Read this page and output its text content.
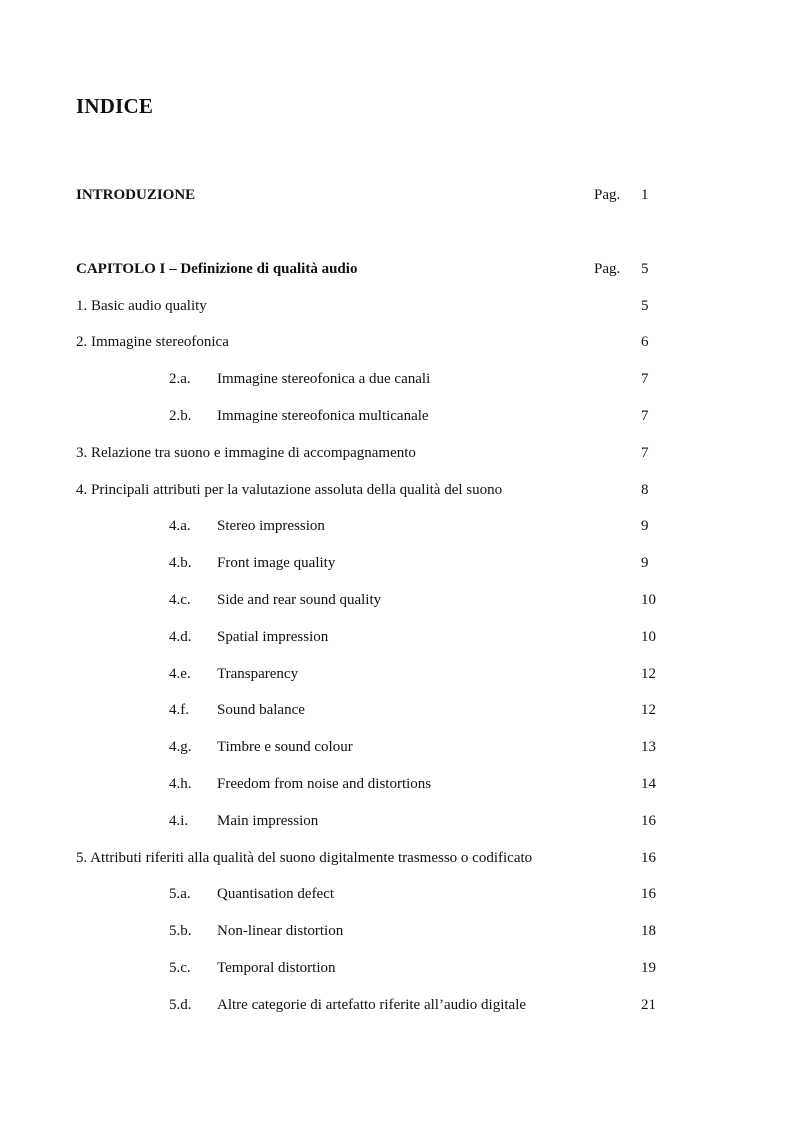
INDICE
INTRODUZIONE	Pag. 1
CAPITOLO I – Definizione di qualità audio	Pag. 5
1. Basic audio quality	5
2. Immagine stereofonica	6
2.a. Immagine stereofonica a due canali	7
2.b. Immagine stereofonica multicanale	7
3. Relazione tra suono e immagine di accompagnamento	7
4. Principali attributi per la valutazione assoluta della qualità del suono	8
4.a. Stereo impression	9
4.b. Front image quality	9
4.c. Side and rear sound quality	10
4.d. Spatial impression	10
4.e. Transparency	12
4.f. Sound balance	12
4.g. Timbre e sound colour	13
4.h. Freedom from noise and distortions	14
4.i. Main impression	16
5. Attributi riferiti alla qualità del suono digitalmente trasmesso o codificato	16
5.a. Quantisation defect	16
5.b. Non-linear distortion	18
5.c. Temporal distortion	19
5.d. Altre categorie di artefatto riferite all’audio digitale	21
